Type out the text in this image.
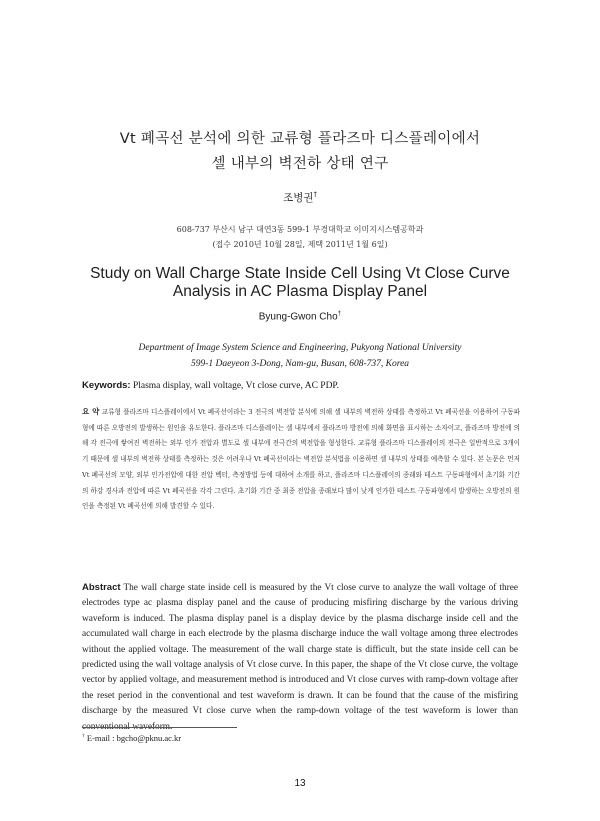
Vt 폐곡선 분석에 의한 교류형 플라즈마 디스플레이에서
셀 내부의 벽전하 상태 연구
조병권†
608-737 부산시 남구 대연3동 599-1 부경대학교 이미지시스템공학과
(접수 2010년 10월 28일, 제택 2011년 1월 6일)
Study on Wall Charge State Inside Cell Using Vt Close Curve
Analysis in AC Plasma Display Panel
Byung-Gwon Cho†
Department of Image System Science and Engineering, Pukyong National University
599-1 Daeyeon 3-Dong, Nam-gu, Busan, 608-737, Korea
Keywords: Plasma display, wall voltage, Vt close curve, AC PDP.
요 약 교류형 플라즈마 디스플레이에서 Vt 폐곡선이라는 3 전극의 벽전압 분석에 의해 셀 내부의 벽전하 상태를 측정하고 Vt 폐곡선을 이용하여 구동파형에 따른 오방전의 발생하는 원인을 유도한다. 플라즈마 디스플레이는 셀 내부에서 플라즈마 방전에 의해 화면을 표시하는 소자이고, 플라즈마 방전에 의해 각 전극에 쌓여진 벽전하는 외부 인가 전압과 별도로 셀 내부에 전극간의 벽전압을 형성한다. 교류형 플라즈마 디스플레이의 전극은 일반적으로 3개이기 때문에 셀 내부의 벽전하 상태를 측정하는 것은 어려우나 Vt 폐곡선이라는 벽전압 분석법을 이용하면 셀 내부의 상태를 예측할 수 있다. 본 논문은 먼저 Vt 폐곡선의 모양, 외부 인가전압에 대한 전압 벡터, 측정방법 등에 대하여 소개를 하고, 플라즈마 디스플레이의 종래와 테스트 구동파형에서 초기화 기간의 하강 경사과 전압에 따른 Vt 폐곡선을 각각 그린다. 초기화 기간 중 최종 전압을 종래보다 많이 낮게 인가한 테스트 구동파형에서 발생하는 오방전의 원인을 측정된 Vt 폐곡선에 의해 발견할 수 있다.
Abstract The wall charge state inside cell is measured by the Vt close curve to analyze the wall voltage of three electrodes type ac plasma display panel and the cause of producing misfiring discharge by the various driving waveform is induced. The plasma display panel is a display device by the plasma discharge inside cell and the accumulated wall charge in each electrode by the plasma discharge induce the wall voltage among three electrodes without the applied voltage. The measurement of the wall charge state is difficult, but the state inside cell can be predicted using the wall voltage analysis of Vt close curve. In this paper, the shape of the Vt close curve, the voltage vector by applied voltage, and measurement method is introduced and Vt close curves with ramp-down voltage after the reset period in the conventional and test waveform is drawn. It can be found that the cause of the misfiring discharge by the measured Vt close curve when the ramp-down voltage of the test waveform is lower than conventional waveform.
† E-mail : bgcho@pknu.ac.kr
13
